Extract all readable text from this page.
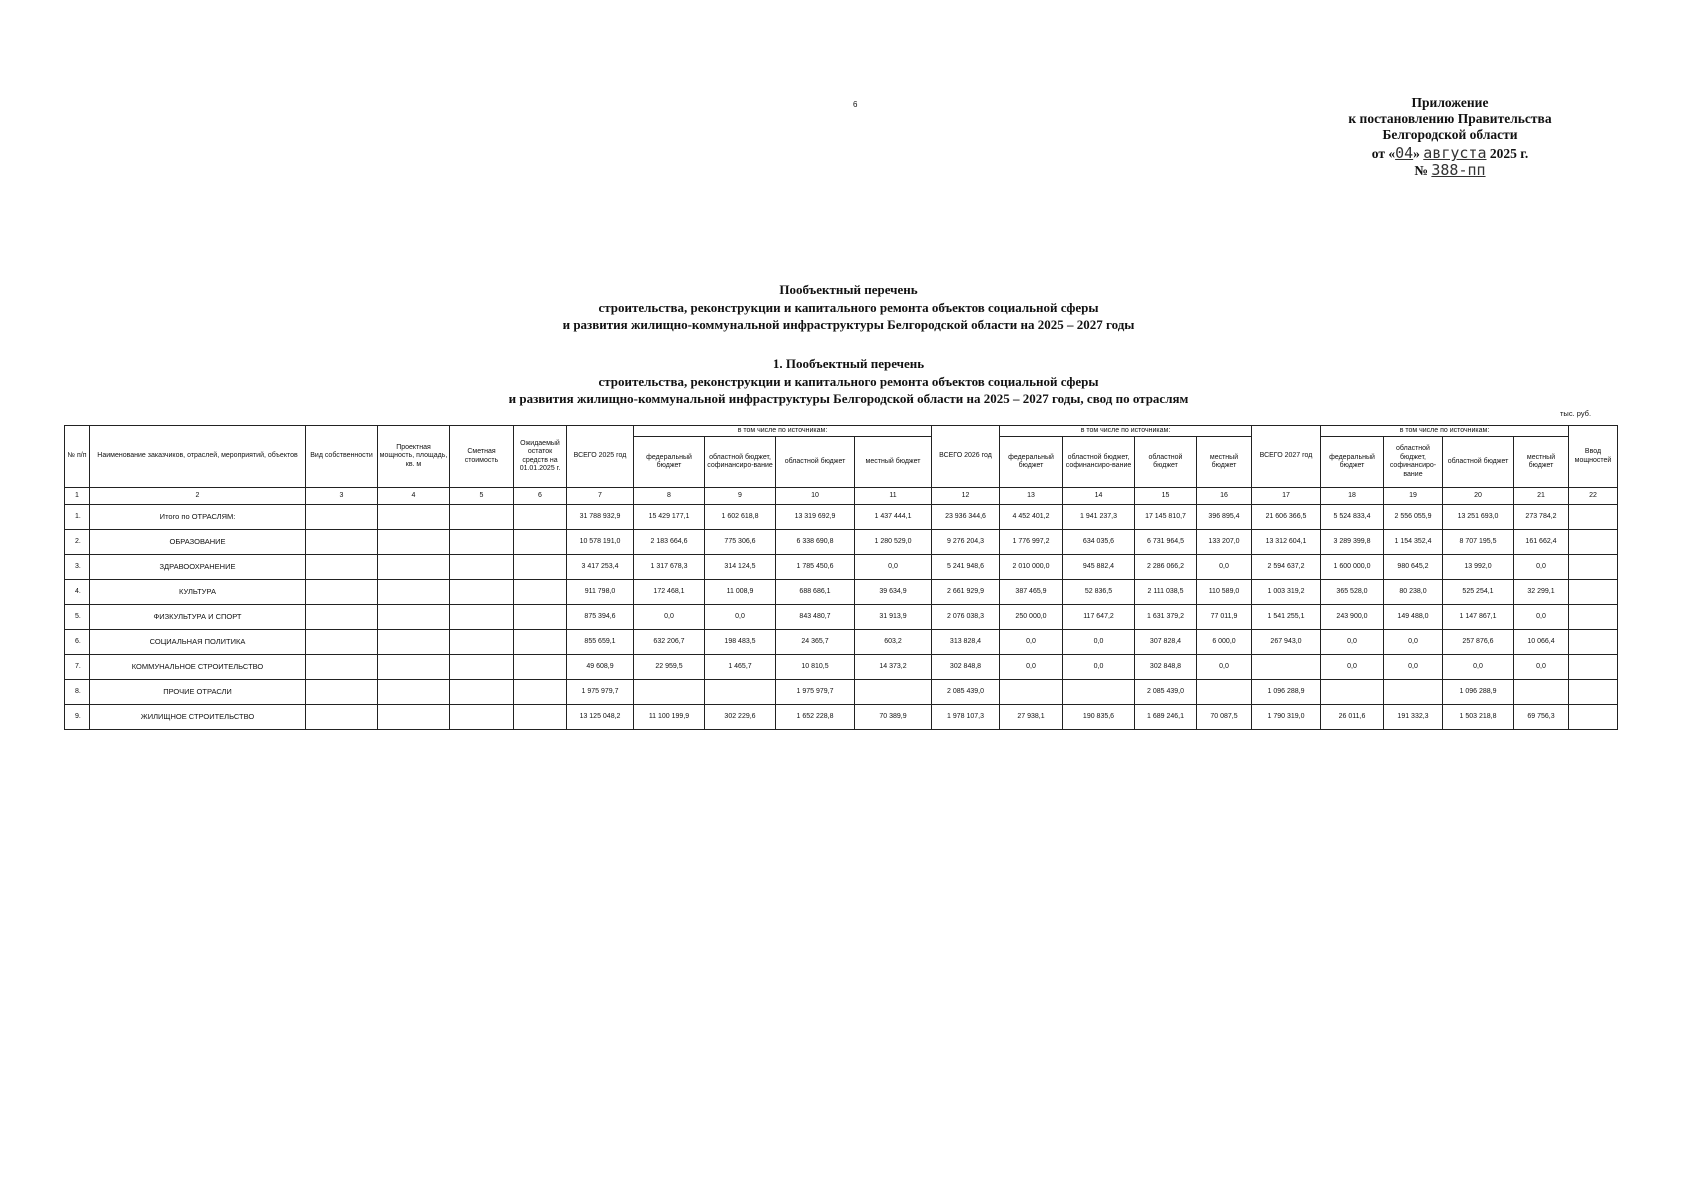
6	Приложение
к постановлению Правительства
Белгородской области
от «04» августа 2025 г.
№ 388-пп
Пообъектный перечень
строительства, реконструкции и капитального ремонта объектов социальной сферы
и развития жилищно-коммунальной инфраструктуры Белгородской области на 2025 – 2027 годы
1. Пообъектный перечень
строительства, реконструкции и капитального ремонта объектов социальной сферы
и развития жилищно-коммунальной инфраструктуры Белгородской области на 2025 – 2027 годы, свод по отраслям
тыс. руб.
№ п/п	Наименование заказчиков, отраслей, мероприятий, объектов	Вид собственности	Проектная мощность, площадь, кв. м	Сметная стоимость	Ожидаемый остаток средств на 01.01.2025 г.	ВСЕГО 2025 год	в том числе по источникам:				ВСЕГО 2026 год	в том числе по источникам:				ВСЕГО 2027 год	в том числе по источникам:				Ввод мощностей
							федеральный бюджет	областной бюджет, софинансиро-вание	областной бюджет	местный бюджет		федеральный бюджет	областной бюджет, софинансиро-вание	областной бюджет	местный бюджет		федеральный бюджет	областной бюджет, софинансиро-вание	областной бюджет	местный бюджет	
1	2	3	4	5	6	7	8	9	10	11	12	13	14	15	16	17	18	19	20	21	22
1.	Итого по ОТРАСЛЯМ:					31 788 932,9	15 429 177,1	1 602 618,8	13 319 692,9	1 437 444,1	23 936 344,6	4 452 401,2	1 941 237,3	17 145 810,7	396 895,4	21 606 366,5	5 524 833,4	2 556 055,9	13 251 693,0	273 784,2	
2.	ОБРАЗОВАНИЕ					10 578 191,0	2 183 664,6	775 306,6	6 338 690,8	1 280 529,0	9 276 204,3	1 776 997,2	634 035,6	6 731 964,5	133 207,0	13 312 604,1	3 289 399,8	1 154 352,4	8 707 195,5	161 662,4	
3.	ЗДРАВООХРАНЕНИЕ					3 417 253,4	1 317 678,3	314 124,5	1 785 450,6	0,0	5 241 948,6	2 010 000,0	945 882,4	2 286 066,2	0,0	2 594 637,2	1 600 000,0	980 645,2	13 992,0	0,0	
4.	КУЛЬТУРА					911 798,0	172 468,1	11 008,9	688 686,1	39 634,9	2 661 929,9	387 465,9	52 836,5	2 111 038,5	110 589,0	1 003 319,2	365 528,0	80 238,0	525 254,1	32 299,1	
5.	ФИЗКУЛЬТУРА И СПОРТ					875 394,6	0,0	0,0	843 480,7	31 913,9	2 076 038,3	250 000,0	117 647,2	1 631 379,2	77 011,9	1 541 255,1	243 900,0	149 488,0	1 147 867,1	0,0	
6.	СОЦИАЛЬНАЯ ПОЛИТИКА					855 659,1	632 206,7	198 483,5	24 365,7	603,2	313 828,4	0,0	0,0	307 828,4	6 000,0	267 943,0	0,0	0,0	257 876,6	10 066,4	
7.	КОММУНАЛЬНОЕ СТРОИТЕЛЬСТВО					49 608,9	22 959,5	1 465,7	10 810,5	14 373,2	302 848,8	0,0	0,0	302 848,8	0,0		0,0	0,0	0,0	0,0	
8.	ПРОЧИЕ ОТРАСЛИ					1 975 979,7			1 975 979,7		2 085 439,0			2 085 439,0		1 096 288,9			1 096 288,9		
9.	ЖИЛИЩНОЕ СТРОИТЕЛЬСТВО					13 125 048,2	11 100 199,9	302 229,6	1 652 228,8	70 389,9	1 978 107,3	27 938,1	190 835,6	1 689 246,1	70 087,5	1 790 319,0	26 011,6	191 332,3	1 503 218,8	69 756,3	
